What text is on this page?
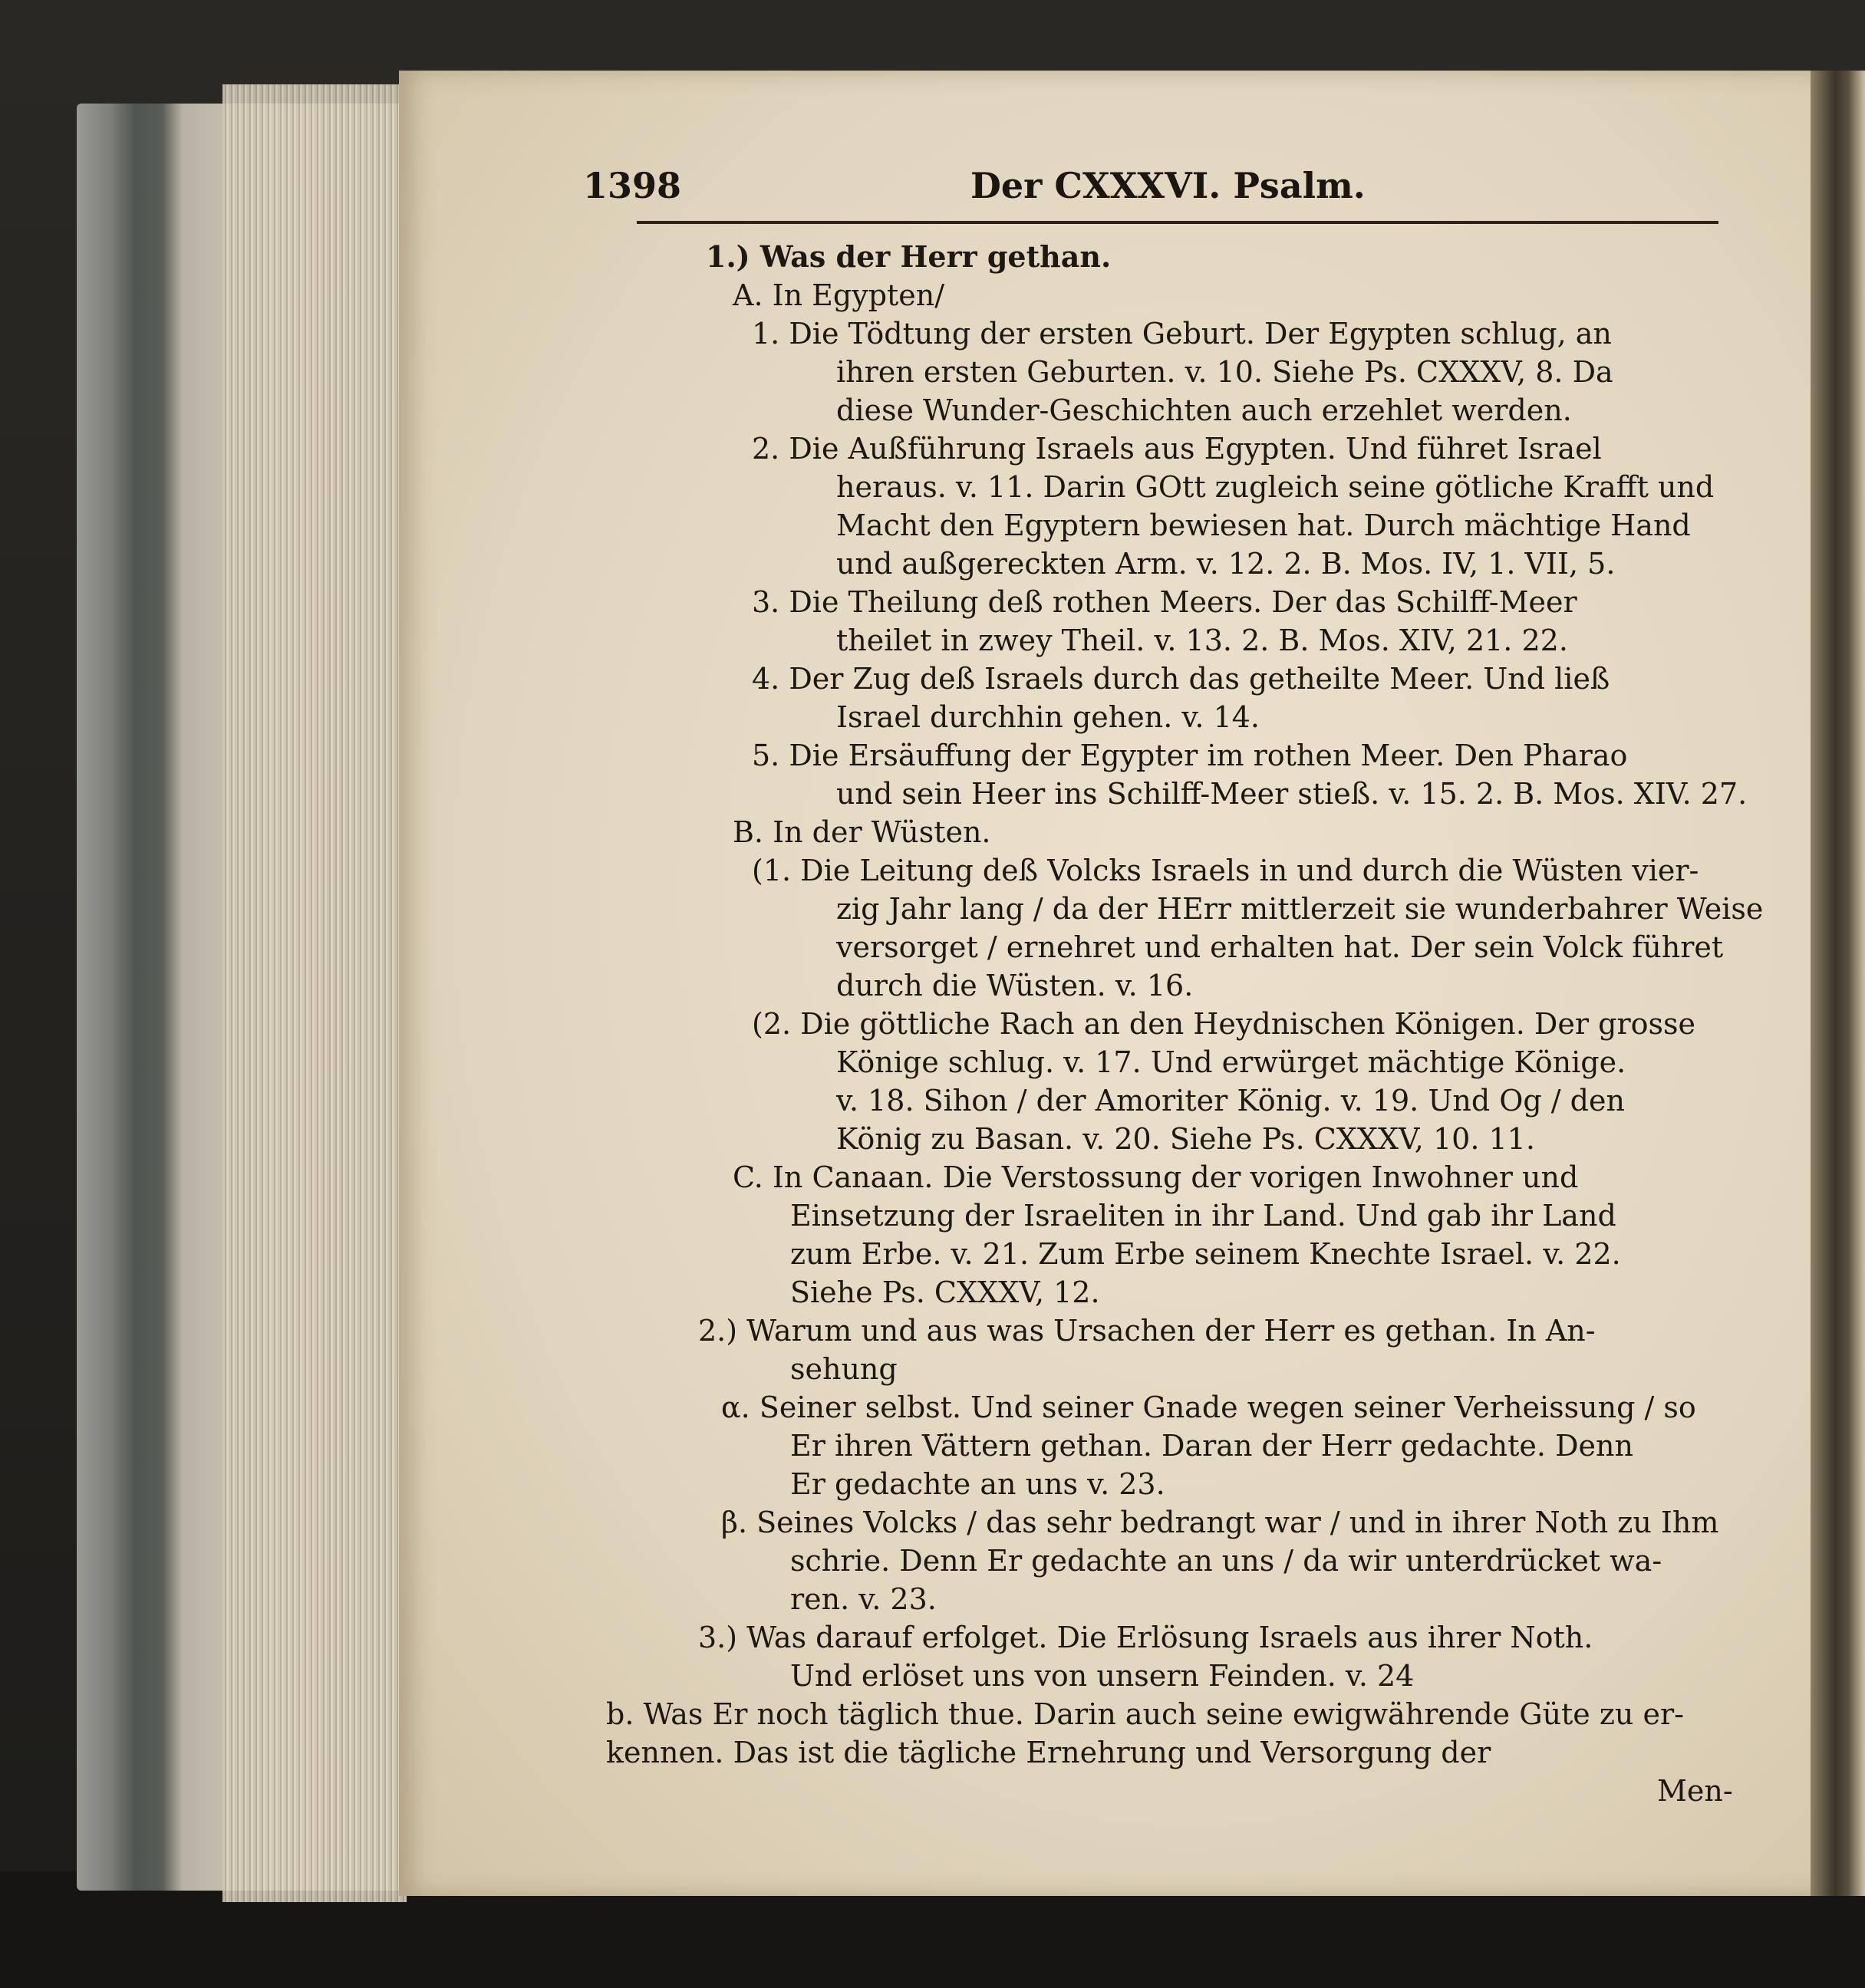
1398	Der CXXXVI. Psalm.
1.) Was der Herr gethan.
A. In Egypten/
1. Die Tödtung der ersten Geburt. Der Egypten schlug, an
ihren ersten Geburten. v. 10. Siehe Ps. CXXXV, 8. Da
diese Wunder-Geschichten auch erzehlet werden.
2. Die Außführung Israels aus Egypten. Und führet Israel
heraus. v. 11. Darin GOtt zugleich seine götliche Krafft und
Macht den Egyptern bewiesen hat. Durch mächtige Hand
und außgereckten Arm. v. 12. 2. B. Mos. IV, 1. VII, 5.
3. Die Theilung deß rothen Meers. Der das Schilff-Meer
theilet in zwey Theil. v. 13. 2. B. Mos. XIV, 21. 22.
4. Der Zug deß Israels durch das getheilte Meer. Und ließ
Israel durchhin gehen. v. 14.
5. Die Ersäuffung der Egypter im rothen Meer. Den Pharao
und sein Heer ins Schilff-Meer stieß. v. 15. 2. B. Mos. XIV. 27.
B. In der Wüsten.
(1. Die Leitung deß Volcks Israels in und durch die Wüsten vier-
zig Jahr lang / da der HErr mittlerzeit sie wunderbahrer Weise
versorget / ernehret und erhalten hat. Der sein Volck führet
durch die Wüsten. v. 16.
(2. Die göttliche Rach an den Heydnischen Königen. Der grosse
Könige schlug. v. 17. Und erwürget mächtige Könige.
v. 18. Sihon / der Amoriter König. v. 19. Und Og / den
König zu Basan. v. 20. Siehe Ps. CXXXV, 10. 11.
C. In Canaan. Die Verstossung der vorigen Inwohner und
Einsetzung der Israeliten in ihr Land. Und gab ihr Land
zum Erbe. v. 21. Zum Erbe seinem Knechte Israel. v. 22.
Siehe Ps. CXXXV, 12.
2.) Warum und aus was Ursachen der Herr es gethan. In An-
sehung
α. Seiner selbst. Und seiner Gnade wegen seiner Verheissung / so
Er ihren Vättern gethan. Daran der Herr gedachte. Denn
Er gedachte an uns v. 23.
β. Seines Volcks / das sehr bedrangt war / und in ihrer Noth zu Ihm
schrie. Denn Er gedachte an uns / da wir unterdrücket wa-
ren. v. 23.
3.) Was darauf erfolget. Die Erlösung Israels aus ihrer Noth.
Und erlöset uns von unsern Feinden. v. 24
b. Was Er noch täglich thue. Darin auch seine ewigwährende Güte zu er-
kennen. Das ist die tägliche Ernehrung und Versorgung der
Men-
